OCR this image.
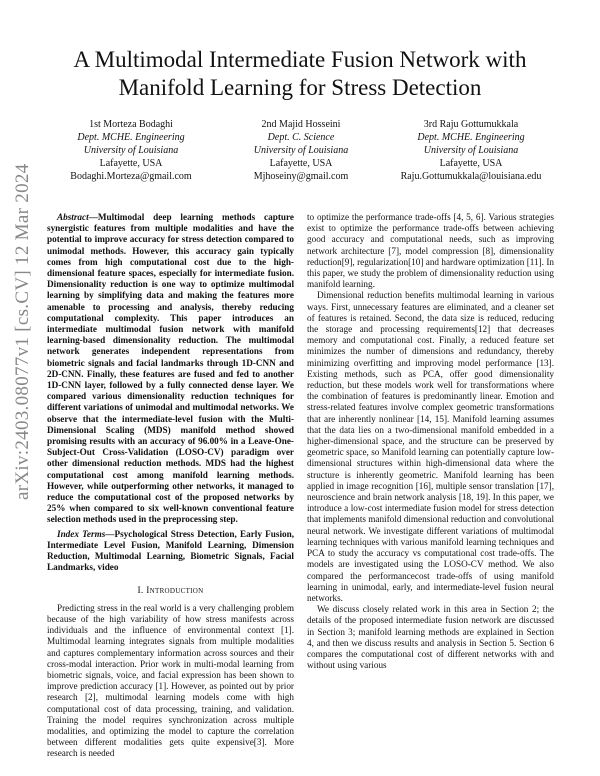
A Multimodal Intermediate Fusion Network with Manifold Learning for Stress Detection
1st Morteza Bodaghi
Dept. MCHE. Engineering
University of Louisiana
Lafayette, USA
Bodaghi.Morteza@gmail.com
2nd Majid Hosseini
Dept. C. Science
University of Louisiana
Lafayette, USA
Mjhoseiny@gmail.com
3rd Raju Gottumukkala
Dept. MCHE. Engineering
University of Louisiana
Lafayette, USA
Raju.Gottumukkala@louisiana.edu
arXiv:2403.08077v1 [cs.CV] 12 Mar 2024	Abstract—Multimodal deep learning methods capture synergistic features from multiple modalities and have the potential to improve accuracy for stress detection compared to unimodal methods. However, this accuracy gain typically comes from high computational cost due to the high-dimensional feature spaces, especially for intermediate fusion. Dimensionality reduction is one way to optimize multimodal learning by simplifying data and making the features more amenable to processing and analysis, thereby reducing computational complexity. This paper introduces an intermediate multimodal fusion network with manifold learning-based dimensionality reduction. The multimodal network generates independent representations from biometric signals and facial landmarks through 1D-CNN and 2D-CNN. Finally, these features are fused and fed to another 1D-CNN layer, followed by a fully connected dense layer. We compared various dimensionality reduction techniques for different variations of unimodal and multimodal networks. We observe that the intermediate-level fusion with the Multi-Dimensional Scaling (MDS) manifold method showed promising results with an accuracy of 96.00% in a Leave-One-Subject-Out Cross-Validation (LOSO-CV) paradigm over other dimensional reduction methods. MDS had the highest computational cost among manifold learning methods. However, while outperforming other networks, it managed to reduce the computational cost of the proposed networks by 25% when compared to six well-known conventional feature selection methods used in the preprocessing step.

Index Terms—Psychological Stress Detection, Early Fusion, Intermediate Level Fusion, Manifold Learning, Dimension Reduction, Multimodal Learning, Biometric Signals, Facial Landmarks, video

I. Introduction

Predicting stress in the real world is a very challenging problem because of the high variability of how stress manifests across individuals and the influence of environmental context [1]. Multimodal learning integrates signals from multiple modalities and captures complementary information across sources and their cross-modal interaction. Prior work in multi-modal learning from biometric signals, voice, and facial expression has been shown to improve prediction accuracy [1]. However, as pointed out by prior research [2], multimodal learning models come with high computational cost of data processing, training, and validation. Training the model requires synchronization across multiple modalities, and optimizing the model to capture the correlation between different modalities gets quite expensive[3]. More research is needed

to optimize the performance trade-offs [4, 5, 6]. Various strategies exist to optimize the performance trade-offs between achieving good accuracy and computational needs, such as improving network architecture [7], model compression [8], dimensionality reduction[9], regularization[10] and hardware optimization [11]. In this paper, we study the problem of dimensionality reduction using manifold learning.

Dimensional reduction benefits multimodal learning in various ways. First, unnecessary features are eliminated, and a cleaner set of features is retained. Second, the data size is reduced, reducing the storage and processing requirements[12] that decreases memory and computational cost. Finally, a reduced feature set minimizes the number of dimensions and redundancy, thereby minimizing overfitting and improving model performance [13]. Existing methods, such as PCA, offer good dimensionality reduction, but these models work well for transformations where the combination of features is predominantly linear. Emotion and stress-related features involve complex geometric transformations that are inherently nonlinear [14, 15]. Manifold learning assumes that the data lies on a two-dimensional manifold embedded in a higher-dimensional space, and the structure can be preserved by geometric space, so Manifold learning can potentially capture low-dimensional structures within high-dimensional data where the structure is inherently geometric. Manifold learning has been applied in image recognition [16], multiple sensor translation [17], neuroscience and brain network analysis [18, 19]. In this paper, we introduce a low-cost intermediate fusion model for stress detection that implements manifold dimensional reduction and convolutional neural network. We investigate different variations of multimodal learning techniques with various manifold learning techniques and PCA to study the accuracy vs computational cost trade-offs. The models are investigated using the LOSO-CV method. We also compared the performancecost trade-offs of using manifold learning in unimodal, early, and intermediate-level fusion neural networks.

We discuss closely related work in this area in Section 2; the details of the proposed intermediate fusion network are discussed in Section 3; manifold learning methods are explained in Section 4, and then we discuss results and analysis in Section 5. Section 6 compares the computational cost of different networks with and without using various
